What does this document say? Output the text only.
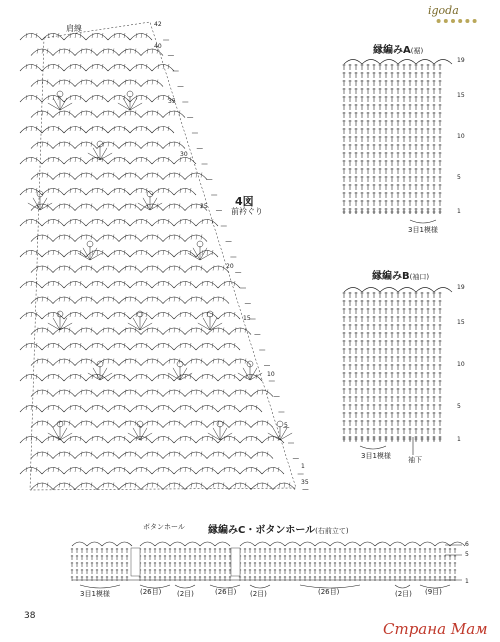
igoda
肩線
4図
前衿ぐり
42
40
35
30
25
20
15
10
5
1
35
縁編みA(裾)
19
15
10
5
1
3目1模様
縁編みB(袖口)
19
15
10
5
1
3目1模様 袖下
縁編みC・ボタンホール(右前立て)
ボタンホール
6
5
1
3目1模様	(26目) (2目)	(26目) (2目)	(26目)	(2目) (9目)
38
Страна Мам
